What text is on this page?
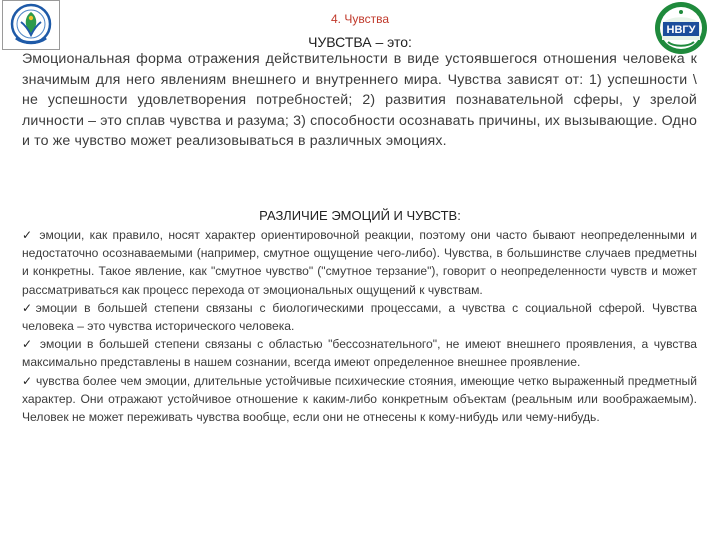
НВГУ

4. Чувства

ЧУВСТВА – это:

Эмоциональная форма отражения действительности в виде устоявшегося отношения человека к значимым для него явлениям внешнего и внутреннего мира. Чувства зависят от: 1) успешности \ не успешности удовлетворения потребностей; 2) развития познавательной сферы, у зрелой личности – это сплав чувства и разума; 3) способности осознавать причины, их вызывающие. Одно и то же чувство может реализовываться в различных эмоциях.

РАЗЛИЧИЕ ЭМОЦИЙ И ЧУВСТВ:

✓ эмоции, как правило, носят характер ориентировочной реакции, поэтому они часто бывают неопределенными и недостаточно осознаваемыми (например, смутное ощущение чего-либо). Чувства, в большинстве случаев предметны и конкретны. Такое явление, как "смутное чувство" ("смутное терзание"), говорит о неопределенности чувств и может рассматриваться как процесс перехода от эмоциональных ощущений к чувствам.

✓эмоции в большей степени связаны с биологическими процессами, а чувства с социальной сферой. Чувства человека – это чувства исторического человека.

✓ эмоции в большей степени связаны с областью "бессознательного", не имеют внешнего проявления, а чувства максимально представлены в нашем сознании, всегда имеют определенное внешнее проявление.

✓ чувства более чем эмоции, длительные устойчивые психические стояния, имеющие четко выраженный предметный характер. Они отражают устойчивое отношение к каким-либо конкретным объектам (реальным или воображаемым). Человек не может переживать чувства вообще, если они не отнесены к кому-нибудь или чему-нибудь.
